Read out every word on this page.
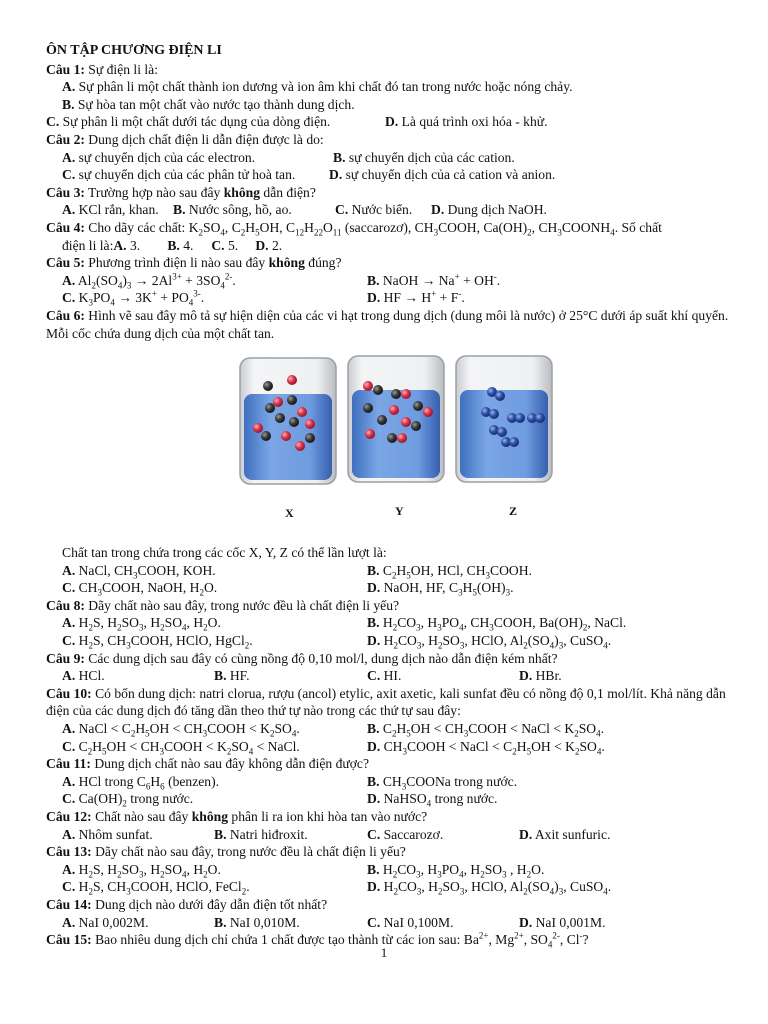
ÔN TẬP CHƯƠNG ĐIỆN LI
Câu 1: Sự điện li là:
A. Sự phân li một chất thành ion dương và ion âm khi chất đó tan trong nước hoặc nóng chảy.
B. Sự hòa tan một chất vào nước tạo thành dung dịch.
C. Sự phân li một chất dưới tác dụng của dòng điện.	D. Là quá trình oxi hóa - khử.
Câu 2: Dung dịch chất điện li dẫn điện được là do:
A. sự chuyển dịch của các electron.	B. sự chuyển dịch của các cation.
C. sự chuyển dịch của các phân tử hoà tan.	D. sự chuyển dịch của cả cation và anion.
Câu 3: Trường hợp nào sau đây không dẫn điện?
A. KCl rắn, khan.	B. Nước sông, hồ, ao.	C. Nước biển.	D. Dung dịch NaOH.
Câu 4: Cho dãy các chất: $K_2SO_4$, $C_2H_5OH$, $C_{12}H_{22}O_{11}$ (saccarozơ), $CH_3COOH$, $Ca(OH)_2$, $CH_3COONH_4$. Số chất
điện li là: A. 3.	B. 4.	C. 5.	D. 2.
Câu 5: Phương trình điện li nào sau đây không đúng?
A. $Al_2(SO_4)_3 \to 2Al^{3+} + 3SO_4^{2-}$.	B. NaOH → Na+ + OH-.
C. $K_3PO_4 \to 3K^+ + PO_4^{3-}$.	D. HF → H+ + F-.
Câu 6: Hình vẽ sau đây mô tả sự hiện diện của các vi hạt trong dung dịch (dung môi là nước) ở 25°C dưới áp suất khí quyển. Mỗi cốc chứa dung dịch của một chất tan.
X	Y	Z
Chất tan trong chứa trong các cốc X, Y, Z có thể lần lượt là:
A. NaCl, $CH_3COOH$, KOH.	B. $C_2H_5OH$, HCl, $CH_3COOH$.
C. $CH_3COOH$, NaOH, $H_2O$.	D. NaOH, HF, $C_3H_5(OH)_3$.
Câu 8: Dãy chất nào sau đây, trong nước đều là chất điện li yếu?
A. $H_2S$, $H_2SO_3$, $H_2SO_4$, $H_2O$.	B. $H_2CO_3$, $H_3PO_4$, $CH_3COOH$, $Ba(OH)_2$, NaCl.
C. $H_2S$, $CH_3COOH$, HClO, HgCl$_2$.	D. $H_2CO_3$, $H_2SO_3$, HClO, $Al_2(SO_4)_3$, CuSO$_4$.
Câu 9: Các dung dịch sau đây có cùng nồng độ 0,10 mol/l, dung dịch nào dẫn điện kém nhất?
A. HCl.	B. HF.	C. HI.	D. HBr.
Câu 10: Có bốn dung dịch: natri clorua, rượu (ancol) etylic, axit axetic, kali sunfat đều có nồng độ 0,1 mol/lít. Khả năng dẫn điện của các dung dịch đó tăng dần theo thứ tự nào trong các thứ tự sau đây:
A. NaCl < $C_2H_5OH$ < $CH_3COOH < K_2SO_4$.	B. $C_2H_5OH$ < $CH_3COOH$ < NaCl < $K_2SO_4$.
C. $C_2H_5OH$ < $CH_3COOH < K_2SO_4$ < NaCl.	D. $CH_3COOH$ < NaCl < $C_2H_5OH < K_2SO_4$.
Câu 11: Dung dịch chất nào sau đây không dẫn điện được?
A. HCl trong $C_6H_6$ (benzen).	B. $CH_3COONa$ trong nước.
C. $Ca(OH)_2$ trong nước.	D. NaHSO$_4$ trong nước.
Câu 12: Chất nào sau đây không phân li ra ion khi hòa tan vào nước?
A. Nhôm sunfat.	B. Natri hiđroxit.	C. Saccarozơ.	D. Axit sunfuric.
Câu 13: Dãy chất nào sau đây, trong nước đều là chất điện li yếu?
A. $H_2S$, $H_2SO_3$, $H_2SO_4$, $H_2O$.	B. $H_2CO_3$, $H_3PO_4$, $H_2SO_3$ , $H_2O$.
C. $H_2S$, $CH_3COOH$, HClO, FeCl$_2$.	D. $H_2CO_3$, $H_2SO_3$, HClO, $Al_2(SO_4)_3$, CuSO$_4$.
Câu 14: Dung dịch nào dưới đây dẫn điện tốt nhất?
A. NaI 0,002M.	B. NaI 0,010M.	C. NaI 0,100M.	D. NaI 0,001M.
Câu 15: Bao nhiêu dung dịch chỉ chứa 1 chất được tạo thành từ các ion sau: $Ba^{2+}$, $Mg^{2+}$, $SO_4^{2-}$, Cl-?
1
